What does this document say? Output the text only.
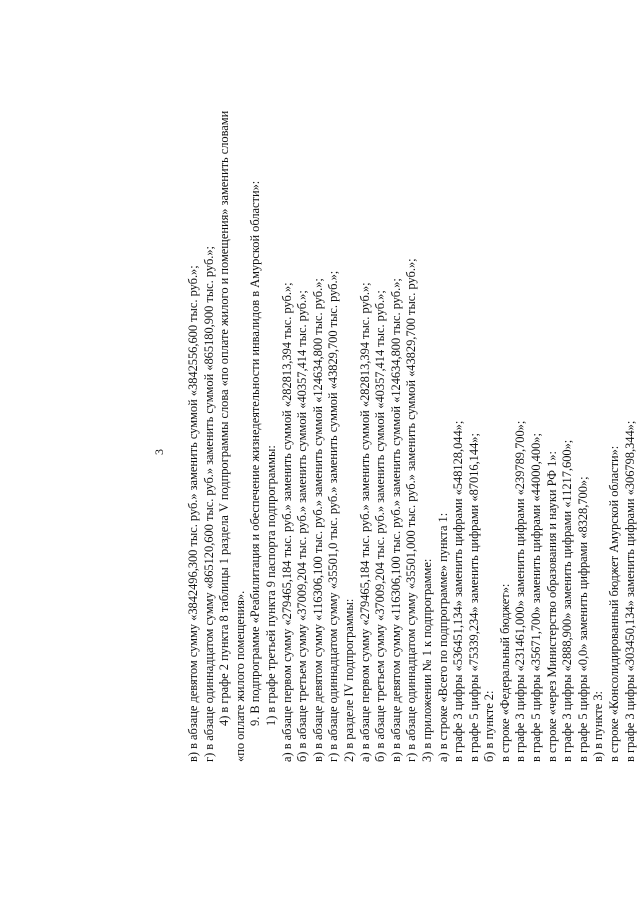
3 в) в абзаце девятом сумму «3842496,300 тыс. руб.» заменить суммой «3842556,600 тыс. руб.»; г) в абзаце одиннадцатом сумму «865120,600 тыс. руб.» заменить суммой «865180,900 тыс. руб.»; 4) в графе 2 пункта 8 таблицы 1 раздела V подпрограммы слова «по оплате жилого и помещения» заменить словами «по оплате жилого помещения». 9. В подпрограмме «Реабилитация и обеспечение жизнедеятельности инвалидов в Амурской области»: 1) в графе третьей пункта 9 паспорта подпрограммы: а) в абзаце первом сумму «279465,184 тыс. руб.» заменить суммой «282813,394 тыс. руб.»; б) в абзаце третьем сумму «37009,204 тыс. руб.» заменить суммой «40357,414 тыс. руб.»; в) в абзаце девятом сумму «116306,100 тыс. руб.» заменить суммой «124634,800 тыс. руб.»; г) в абзаце одиннадцатом сумму «35501,0 тыс. руб.» заменить суммой «43829,700 тыс. руб.»; 2) в разделе IV подпрограммы: а) в абзаце первом сумму «279465,184 тыс. руб.» заменить суммой «282813,394 тыс. руб.»; б) в абзаце третьем сумму «37009,204 тыс. руб.» заменить суммой «40357,414 тыс. руб.»; в) в абзаце девятом сумму «116306,100 тыс. руб.» заменить суммой «124634,800 тыс. руб.»; г) в абзаце одиннадцатом сумму «35501,000 тыс. руб.» заменить суммой «43829,700 тыс. руб.»; 3) в приложении № 1 к подпрограмме: а) в строке «Всего по подпрограмме» пункта 1: в графе 3 цифры «536451,134» заменить цифрами «548128,044»; в графе 5 цифры «75339,234» заменить цифрами «87016,144»; б) в пункте 2: в строке «Федеральный бюджет»: в графе 3 цифры «231461,000» заменить цифрами «239789,700»; в графе 5 цифры «35671,700» заменить цифрами «44000,400»; в строке «через Министерство образования и науки РФ 1»: в графе 3 цифры «2888,900» заменить цифрами «11217,600»; в графе 5 цифры «0,0» заменить цифрами «8328,700»; в) в пункте 3: в строке «Консолидированный бюджет Амурской области»: в графе 3 цифры «303450,134» заменить цифрами «306798,344»;
